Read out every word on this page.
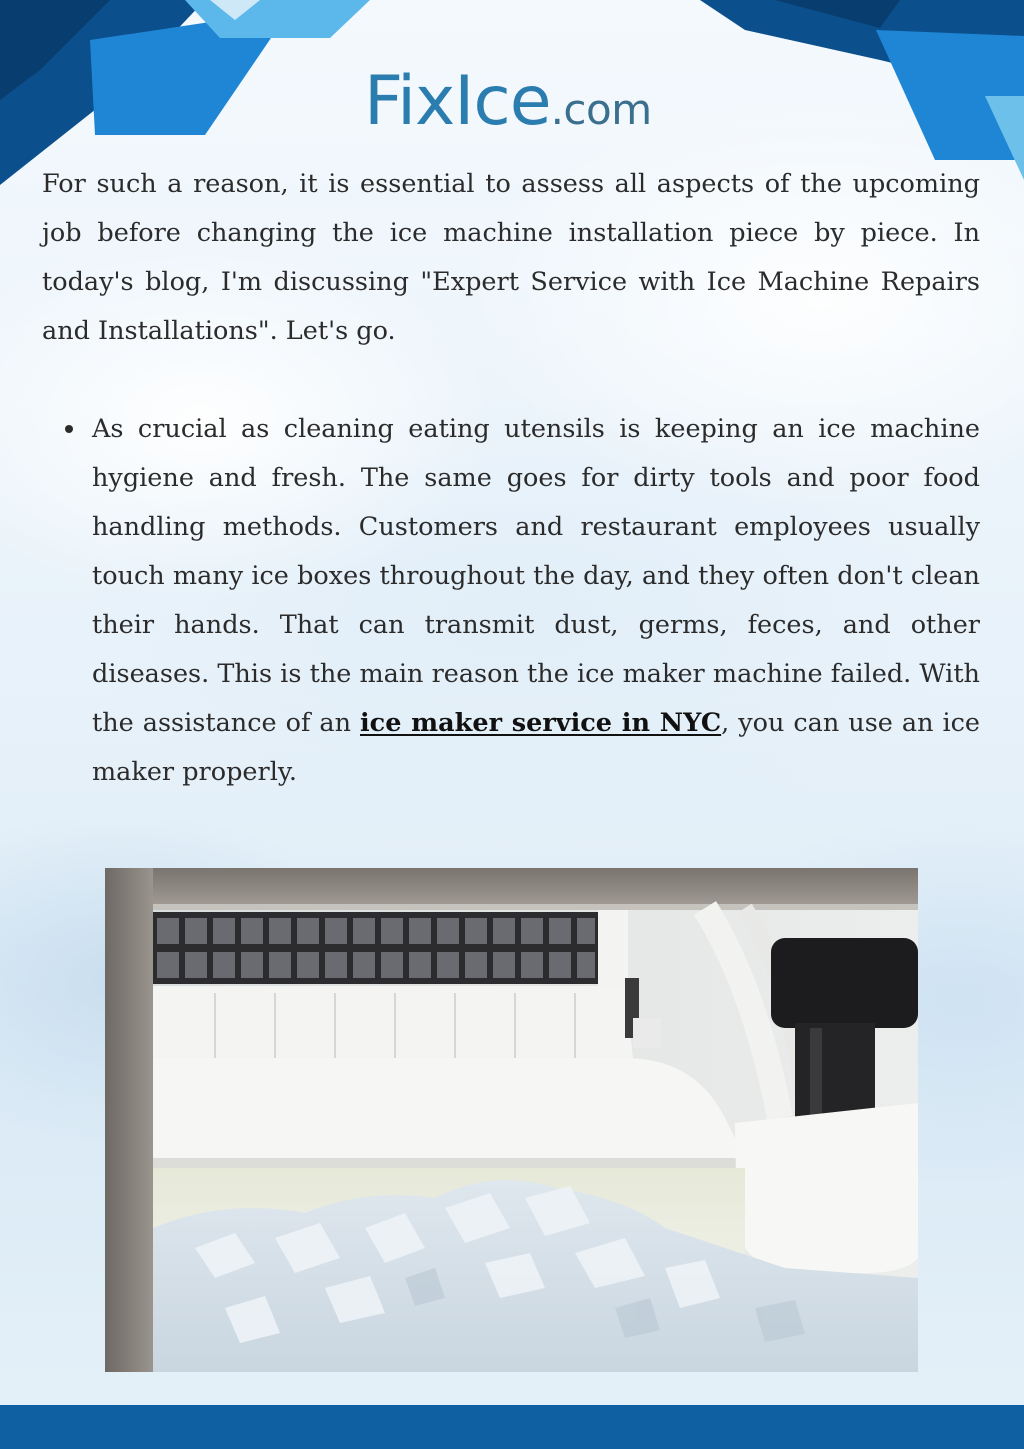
FixIce.com
For such a reason, it is essential to assess all aspects of the upcoming job before changing the ice machine installation piece by piece. In today's blog, I'm discussing "Expert Service with Ice Machine Repairs and Installations". Let's go.
As crucial as cleaning eating utensils is keeping an ice machine hygiene and fresh. The same goes for dirty tools and poor food handling methods. Customers and restaurant employees usually touch many ice boxes throughout the day, and they often don't clean their hands. That can transmit dust, germs, feces, and other diseases. This is the main reason the ice maker machine failed. With the assistance of an ice maker service in NYC, you can use an ice maker properly.
